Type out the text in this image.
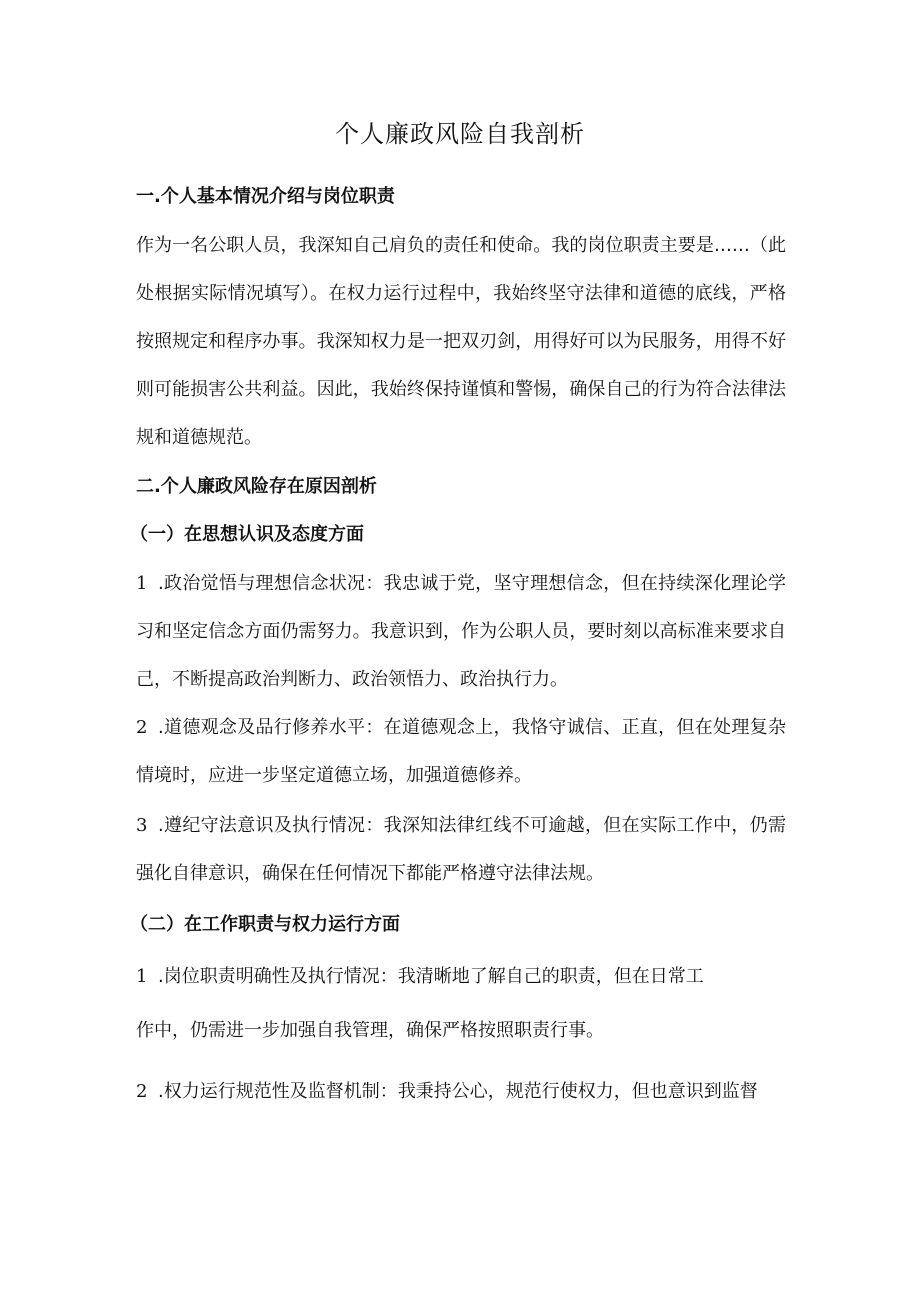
个人廉政风险自我剖析
一.个人基本情况介绍与岗位职责
作为一名公职人员，我深知自己肩负的责任和使命。我的岗位职责主要是……（此处根据实际情况填写）。在权力运行过程中，我始终坚守法律和道德的底线，严格按照规定和程序办事。我深知权力是一把双刃剑，用得好可以为民服务，用得不好则可能损害公共利益。因此，我始终保持谨慎和警惕，确保自己的行为符合法律法规和道德规范。
二.个人廉政风险存在原因剖析
（一）在思想认识及态度方面
1 .政治觉悟与理想信念状况：我忠诚于党，坚守理想信念，但在持续深化理论学习和坚定信念方面仍需努力。我意识到，作为公职人员，要时刻以高标准来要求自己，不断提高政治判断力、政治领悟力、政治执行力。
2 .道德观念及品行修养水平：在道德观念上，我恪守诚信、正直，但在处理复杂情境时，应进一步坚定道德立场，加强道德修养。
3 .遵纪守法意识及执行情况：我深知法律红线不可逾越，但在实际工作中，仍需强化自律意识，确保在任何情况下都能严格遵守法律法规。
（二）在工作职责与权力运行方面
1 .岗位职责明确性及执行情况：我清晰地了解自己的职责，但在日常工
作中，仍需进一步加强自我管理，确保严格按照职责行事。
2 .权力运行规范性及监督机制：我秉持公心，规范行使权力，但也意识到监督
